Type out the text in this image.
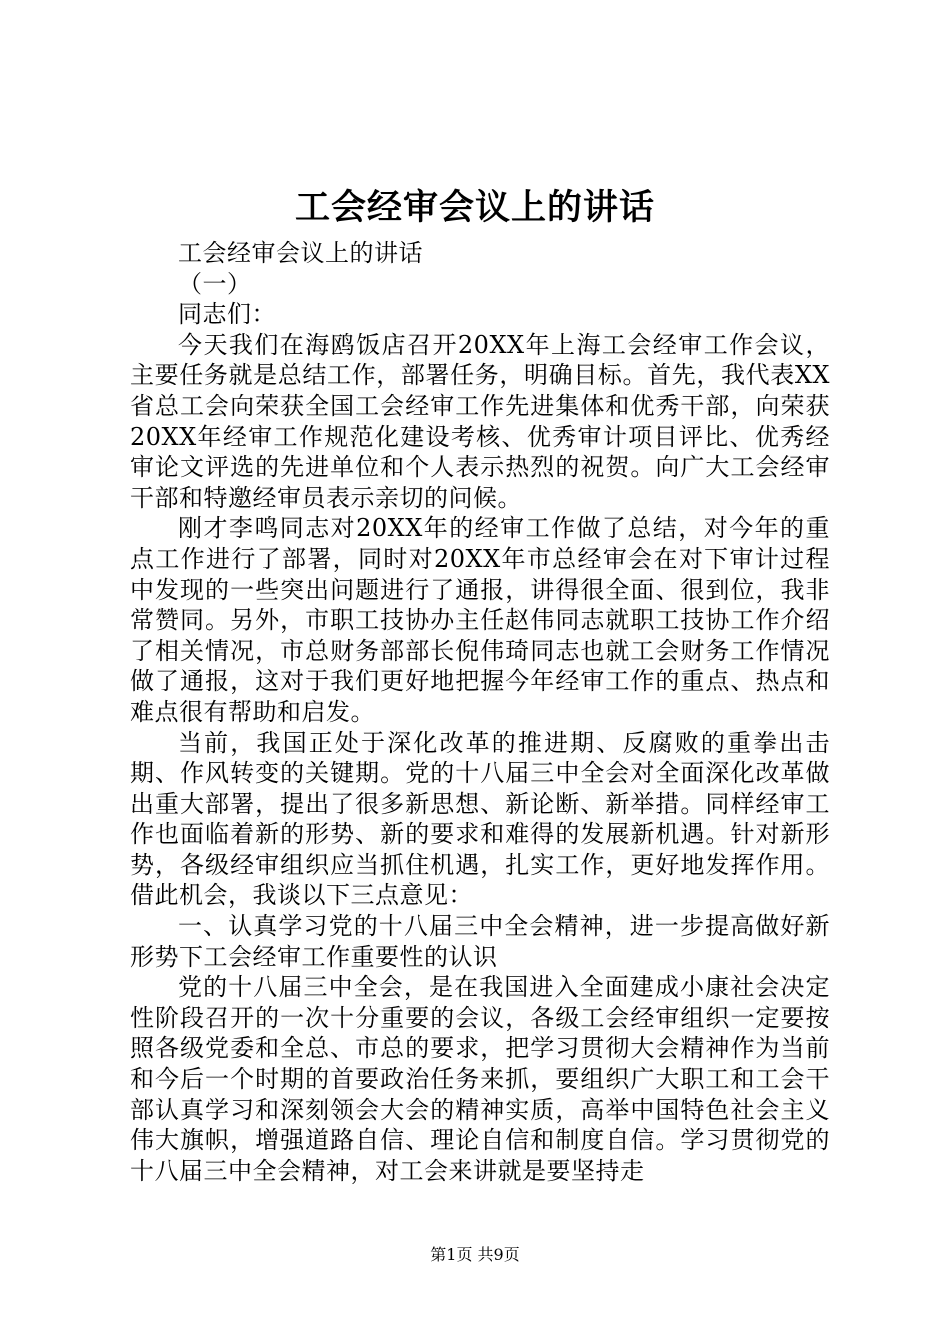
工会经审会议上的讲话

工会经审会议上的讲话

（一）

同志们：

今天我们在海鸥饭店召开20XX年上海工会经审工作会议，主要任务就是总结工作，部署任务，明确目标。首先，我代表XX省总工会向荣获全国工会经审工作先进集体和优秀干部，向荣获20XX年经审工作规范化建设考核、优秀审计项目评比、优秀经审论文评选的先进单位和个人表示热烈的祝贺。向广大工会经审干部和特邀经审员表示亲切的问候。

刚才李鸣同志对20XX年的经审工作做了总结，对今年的重点工作进行了部署，同时对20XX年市总经审会在对下审计过程中发现的一些突出问题进行了通报，讲得很全面、很到位，我非常赞同。另外，市职工技协办主任赵伟同志就职工技协工作介绍了相关情况，市总财务部部长倪伟琦同志也就工会财务工作情况做了通报，这对于我们更好地把握今年经审工作的重点、热点和难点很有帮助和启发。

当前，我国正处于深化改革的推进期、反腐败的重拳出击期、作风转变的关键期。党的十八届三中全会对全面深化改革做出重大部署，提出了很多新思想、新论断、新举措。同样经审工作也面临着新的形势、新的要求和难得的发展新机遇。针对新形势，各级经审组织应当抓住机遇，扎实工作，更好地发挥作用。借此机会，我谈以下三点意见：

一、认真学习党的十八届三中全会精神，进一步提高做好新形势下工会经审工作重要性的认识

党的十八届三中全会，是在我国进入全面建成小康社会决定性阶段召开的一次十分重要的会议，各级工会经审组织一定要按照各级党委和全总、市总的要求，把学习贯彻大会精神作为当前和今后一个时期的首要政治任务来抓，要组织广大职工和工会干部认真学习和深刻领会大会的精神实质，高举中国特色社会主义伟大旗帜，增强道路自信、理论自信和制度自信。学习贯彻党的十八届三中全会精神，对工会来讲就是要坚持走

第1页 共9页
